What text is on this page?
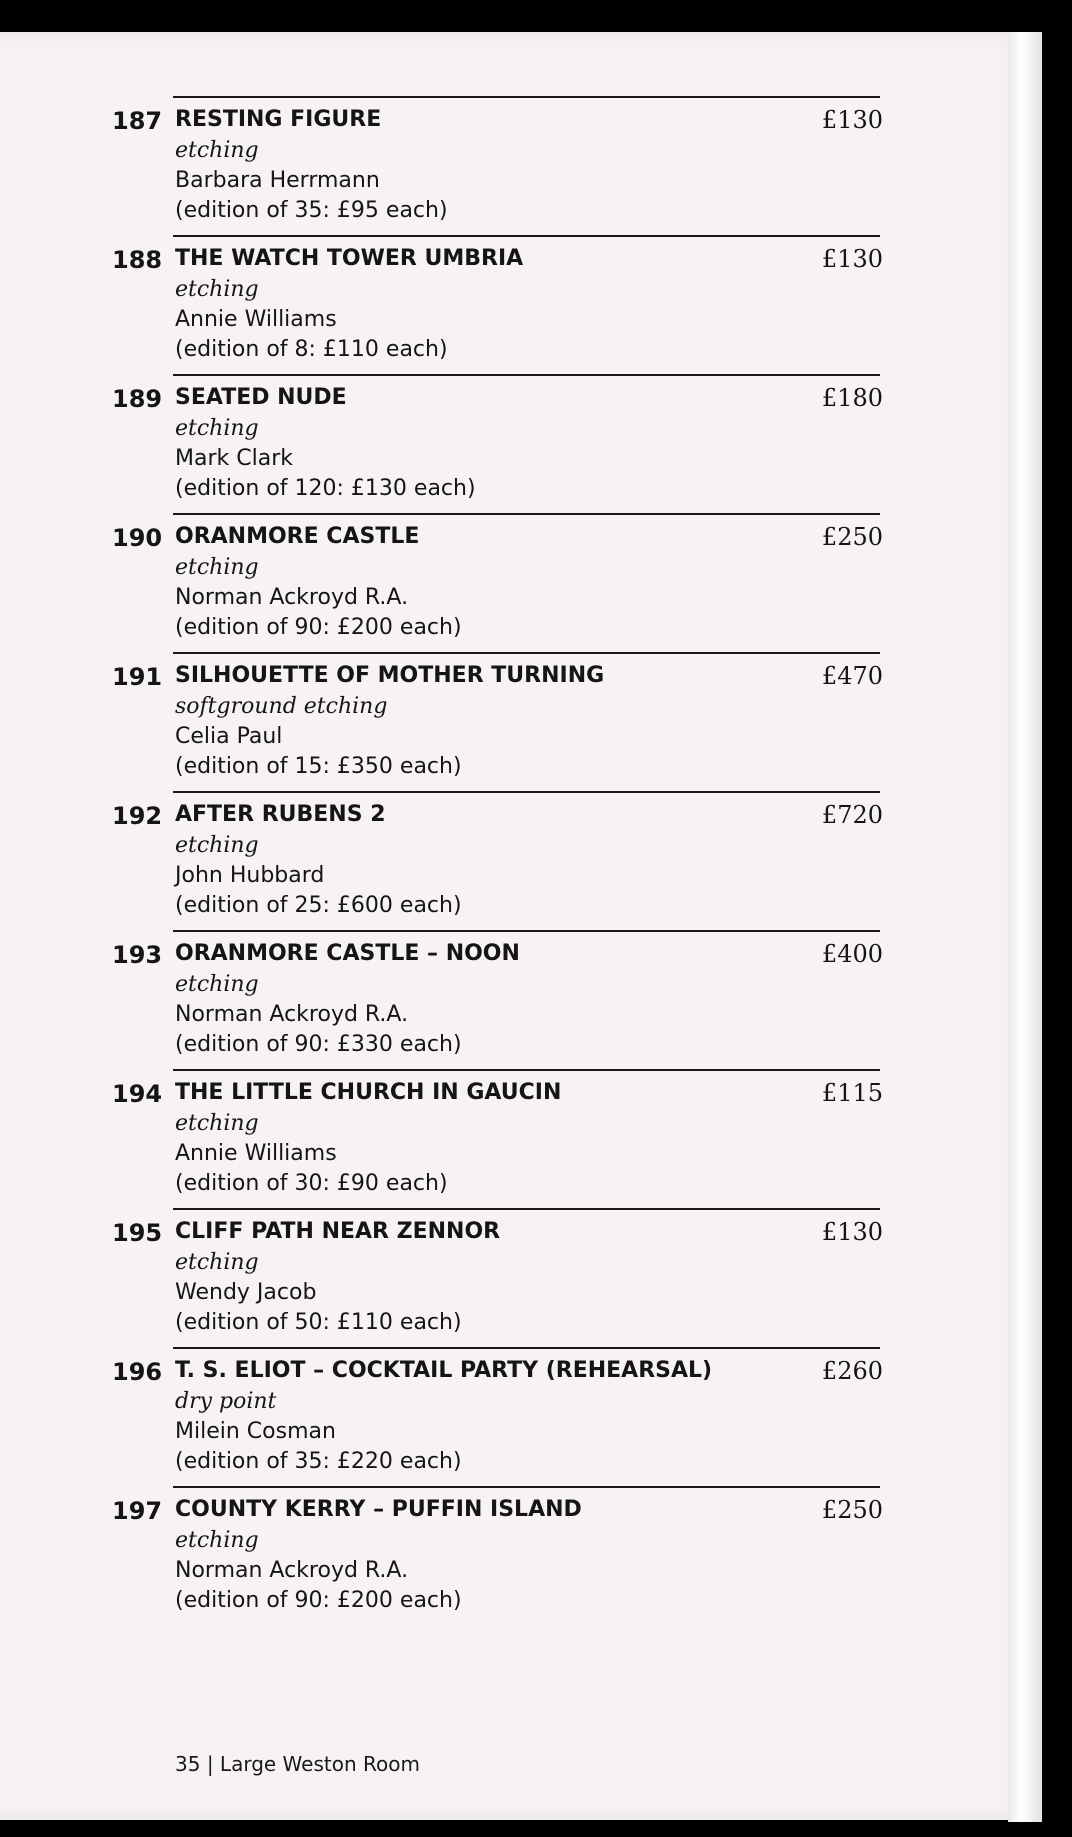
ㅤ
187 RESTING FIGURE
etching
Barbara Herrmann
(edition of 35: £95 each)
£130
188 THE WATCH TOWER UMBRIA
etching
Annie Williams
(edition of 8: £110 each)
£130
189 SEATED NUDE
etching
Mark Clark
(edition of 120: £130 each)
£180
190 ORANMORE CASTLE
etching
Norman Ackroyd R.A.
(edition of 90: £200 each)
£250
191 SILHOUETTE OF MOTHER TURNING
softground etching
Celia Paul
(edition of 15: £350 each)
£470
192 AFTER RUBENS 2
etching
John Hubbard
(edition of 25: £600 each)
£720
193 ORANMORE CASTLE – NOON
etching
Norman Ackroyd R.A.
(edition of 90: £330 each)
£400
194 THE LITTLE CHURCH IN GAUCIN
etching
Annie Williams
(edition of 30: £90 each)
£115
195 CLIFF PATH NEAR ZENNOR
etching
Wendy Jacob
(edition of 50: £110 each)
£130
196 T. S. ELIOT – COCKTAIL PARTY (REHEARSAL)
dry point
Milein Cosman
(edition of 35: £220 each)
£260
197 COUNTY KERRY – PUFFIN ISLAND
etching
Norman Ackroyd R.A.
(edition of 90: £200 each)
£250
35 | Large Weston Room
